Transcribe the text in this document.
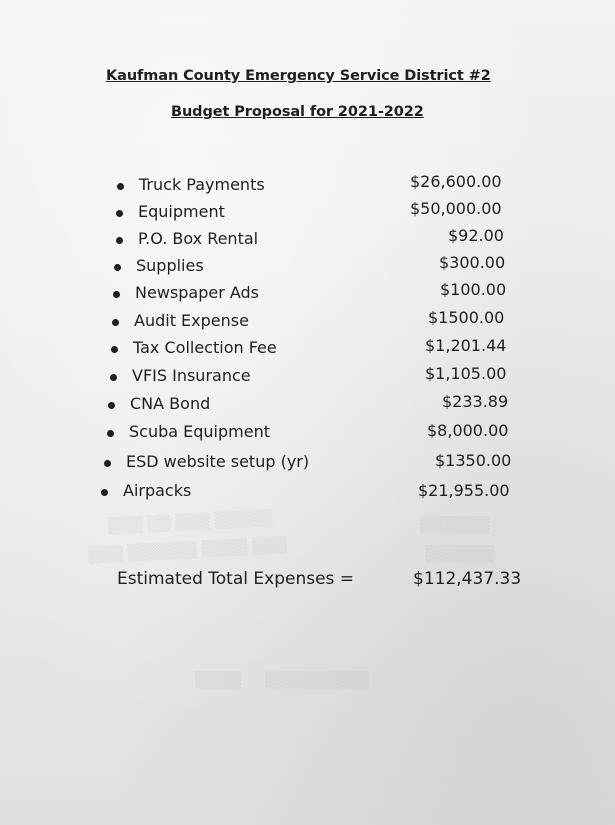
▒▒▒ ▒▒ ▒▒▒ ▒▒▒▒▒
▒▒▒ ▒▒▒▒▒▒ ▒▒▒▒ ▒▒▒
▒▒▒▒▒▒
▒▒▒▒▒▒
▒▒▒▒     ▒▒▒▒▒▒▒▒▒
Kaufman County Emergency Service District #2
Budget Proposal for 2021-2022
Truck Payments	$26,600.00
Equipment	$50,000.00
P.O. Box Rental	$92.00
Supplies	$300.00
Newspaper Ads	$100.00
Audit Expense	$1500.00
Tax Collection Fee	$1,201.44
VFIS Insurance	$1,105.00
CNA Bond	$233.89
Scuba Equipment	$8,000.00
ESD website setup (yr)	$1350.00
Airpacks	$21,955.00
Estimated Total Expenses =	$112,437.33
